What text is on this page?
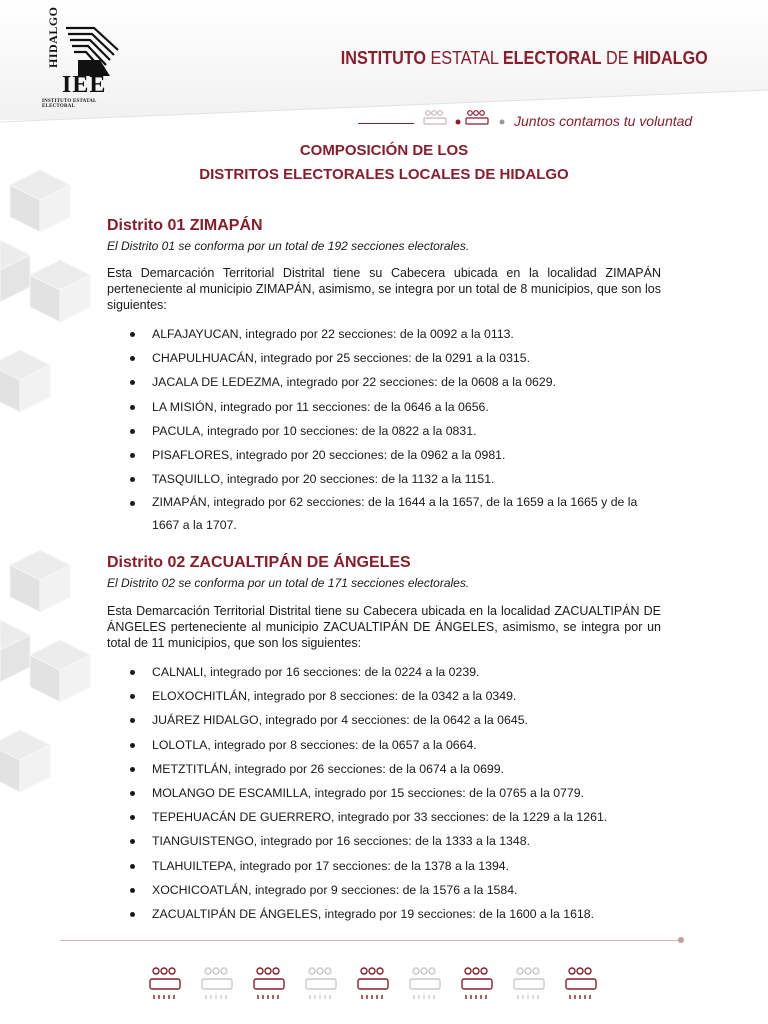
HIDALGO
IEE
INSTITUTO ESTATAL ELECTORAL
INSTITUTO ESTATAL ELECTORAL DE HIDALGO
Juntos contamos tu voluntad
COMPOSICIÓN DE LOS
DISTRITOS ELECTORALES LOCALES DE HIDALGO
Distrito 01 ZIMAPÁN
El Distrito 01 se conforma por un total de 192 secciones electorales.
Esta Demarcación Territorial Distrital tiene su Cabecera ubicada en la localidad ZIMAPÁN perteneciente al municipio ZIMAPÁN, asimismo, se integra por un total de 8 municipios, que son los siguientes:
ALFAJAYUCAN, integrado por 22 secciones: de la 0092 a la 0113.
CHAPULHUACÁN, integrado por 25 secciones: de la 0291 a la 0315.
JACALA DE LEDEZMA, integrado por 22 secciones: de la 0608 a la 0629.
LA MISIÓN, integrado por 11 secciones: de la 0646 a la 0656.
PACULA, integrado por 10 secciones: de la 0822 a la 0831.
PISAFLORES, integrado por 20 secciones: de la 0962 a la 0981.
TASQUILLO, integrado por 20 secciones: de la 1132 a la 1151.
ZIMAPÁN, integrado por 62 secciones: de la 1644 a la 1657, de la 1659 a la 1665 y de la 1667 a la 1707.
Distrito 02 ZACUALTIPÁN DE ÁNGELES
El Distrito 02 se conforma por un total de 171 secciones electorales.
Esta Demarcación Territorial Distrital tiene su Cabecera ubicada en la localidad ZACUALTIPÁN DE ÁNGELES perteneciente al municipio ZACUALTIPÁN DE ÁNGELES, asimismo, se integra por un total de 11 municipios, que son los siguientes:
CALNALI, integrado por 16 secciones: de la 0224 a la 0239.
ELOXOCHITLÁN, integrado por 8 secciones: de la 0342 a la 0349.
JUÁREZ HIDALGO, integrado por 4 secciones: de la 0642 a la 0645.
LOLOTLA, integrado por 8 secciones: de la 0657 a la 0664.
METZTITLÁN, integrado por 26 secciones: de la 0674 a la 0699.
MOLANGO DE ESCAMILLA, integrado por 15 secciones: de la 0765 a la 0779.
TEPEHUACÁN DE GUERRERO, integrado por 33 secciones: de la 1229 a la 1261.
TIANGUISTENGO, integrado por 16 secciones: de la 1333 a la 1348.
TLAHUILTEPA, integrado por 17 secciones: de la 1378 a la 1394.
XOCHICOATLÁN, integrado por 9 secciones: de la 1576 a la 1584.
ZACUALTIPÁN DE ÁNGELES, integrado por 19 secciones: de la 1600 a la 1618.
